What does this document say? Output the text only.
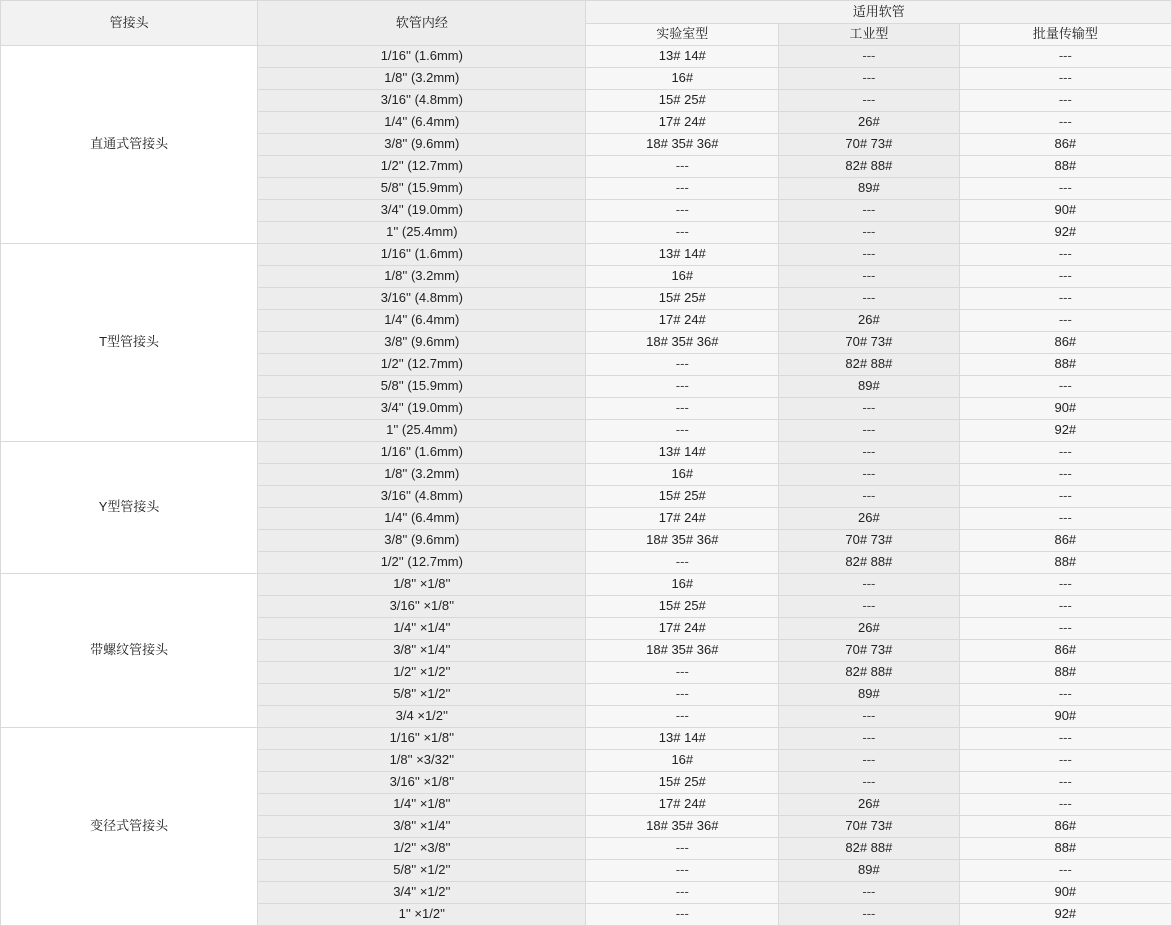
管接头	软管内经	适用软管		
		实验室型	工业型	批量传输型
直通式管接头	1/16'' (1.6mm)	13# 14#	---	---
	1/8'' (3.2mm)	16#	---	---
	3/16'' (4.8mm)	15# 25#	---	---
	1/4'' (6.4mm)	17# 24#	26#	---
	3/8'' (9.6mm)	18# 35# 36#	70# 73#	86#
	1/2'' (12.7mm)	---	82# 88#	88#
	5/8'' (15.9mm)	---	89#	---
	3/4'' (19.0mm)	---	---	90#
	1'' (25.4mm)	---	---	92#
T型管接头	1/16'' (1.6mm)	13# 14#	---	---
	1/8'' (3.2mm)	16#	---	---
	3/16'' (4.8mm)	15# 25#	---	---
	1/4'' (6.4mm)	17# 24#	26#	---
	3/8'' (9.6mm)	18# 35# 36#	70# 73#	86#
	1/2'' (12.7mm)	---	82# 88#	88#
	5/8'' (15.9mm)	---	89#	---
	3/4'' (19.0mm)	---	---	90#
	1'' (25.4mm)	---	---	92#
Y型管接头	1/16'' (1.6mm)	13# 14#	---	---
	1/8'' (3.2mm)	16#	---	---
	3/16'' (4.8mm)	15# 25#	---	---
	1/4'' (6.4mm)	17# 24#	26#	---
	3/8'' (9.6mm)	18# 35# 36#	70# 73#	86#
	1/2'' (12.7mm)	---	82# 88#	88#
带螺纹管接头	1/8'' ×1/8''	16#	---	---
	3/16'' ×1/8''	15# 25#	---	---
	1/4'' ×1/4''	17# 24#	26#	---
	3/8'' ×1/4''	18# 35# 36#	70# 73#	86#
	1/2'' ×1/2''	---	82# 88#	88#
	5/8'' ×1/2''	---	89#	---
	3/4 ×1/2''	---	---	90#
变径式管接头	1/16'' ×1/8''	13# 14#	---	---
	1/8'' ×3/32''	16#	---	---
	3/16'' ×1/8''	15# 25#	---	---
	1/4'' ×1/8''	17# 24#	26#	---
	3/8'' ×1/4''	18# 35# 36#	70# 73#	86#
	1/2'' ×3/8''	---	82# 88#	88#
	5/8'' ×1/2''	---	89#	---
	3/4'' ×1/2''	---	---	90#
	1'' ×1/2''	---	---	92#
